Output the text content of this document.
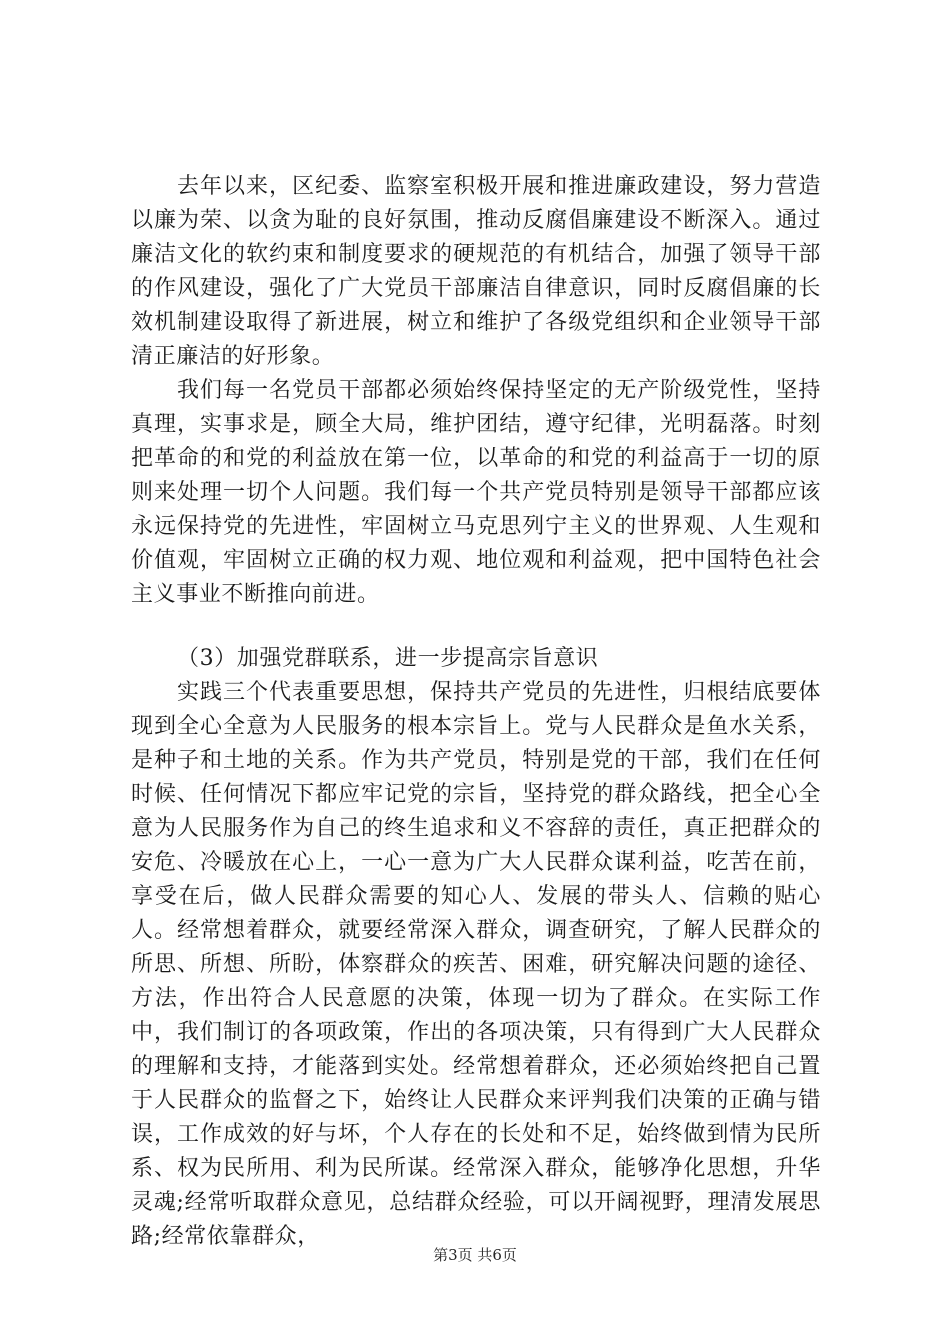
去年以来，区纪委、监察室积极开展和推进廉政建设，努力营造以廉为荣、以贪为耻的良好氛围，推动反腐倡廉建设不断深入。通过廉洁文化的软约束和制度要求的硬规范的有机结合，加强了领导干部的作风建设，强化了广大党员干部廉洁自律意识，同时反腐倡廉的长效机制建设取得了新进展，树立和维护了各级党组织和企业领导干部清正廉洁的好形象。

我们每一名党员干部都必须始终保持坚定的无产阶级党性，坚持真理，实事求是，顾全大局，维护团结，遵守纪律，光明磊落。时刻把革命的和党的利益放在第一位，以革命的和党的利益高于一切的原则来处理一切个人问题。我们每一个共产党员特别是领导干部都应该永远保持党的先进性，牢固树立马克思列宁主义的世界观、人生观和价值观，牢固树立正确的权力观、地位观和利益观，把中国特色社会主义事业不断推向前进。

（3）加强党群联系，进一步提高宗旨意识

实践三个代表重要思想，保持共产党员的先进性，归根结底要体现到全心全意为人民服务的根本宗旨上。党与人民群众是鱼水关系，是种子和土地的关系。作为共产党员，特别是党的干部，我们在任何时候、任何情况下都应牢记党的宗旨，坚持党的群众路线，把全心全意为人民服务作为自己的终生追求和义不容辞的责任，真正把群众的安危、冷暖放在心上，一心一意为广大人民群众谋利益，吃苦在前，享受在后，做人民群众需要的知心人、发展的带头人、信赖的贴心人。经常想着群众，就要经常深入群众，调查研究，了解人民群众的所思、所想、所盼，体察群众的疾苦、困难，研究解决问题的途径、方法，作出符合人民意愿的决策，体现一切为了群众。在实际工作中，我们制订的各项政策，作出的各项决策，只有得到广大人民群众的理解和支持，才能落到实处。经常想着群众，还必须始终把自己置于人民群众的监督之下，始终让人民群众来评判我们决策的正确与错误，工作成效的好与坏，个人存在的长处和不足，始终做到情为民所系、权为民所用、利为民所谋。经常深入群众，能够净化思想，升华灵魂;经常听取群众意见，总结群众经验，可以开阔视野，理清发展思路;经常依靠群众，

第3页 共6页
